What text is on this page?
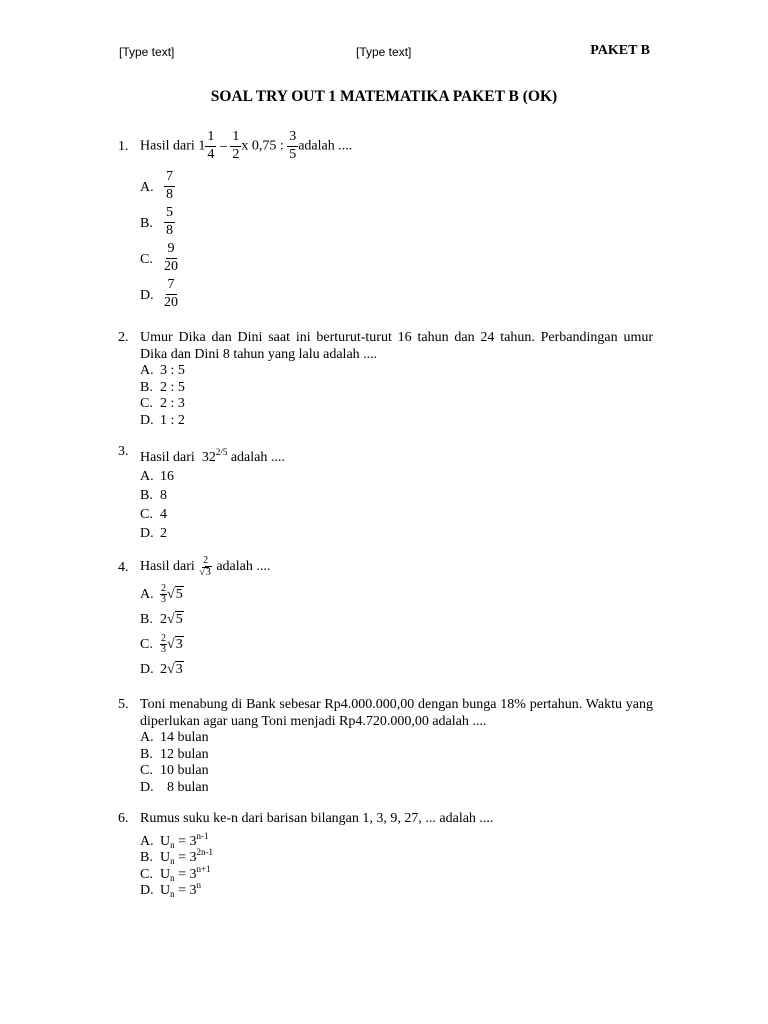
[Type text]	[Type text]	PAKET B
SOAL TRY OUT 1 MATEMATIKA PAKET B (OK)
1. Hasil dari $1 \frac{1}{4} - \frac{1}{2}$ x 0,75 : $\frac{3}{5}$ adalah ....
A. $\frac{7}{8}$
B. $\frac{5}{8}$
C. $\frac{9}{20}$
D. $\frac{7}{20}$
2. Umur Dika dan Dini saat ini berturut-turut 16 tahun dan 24 tahun. Perbandingan umur Dika dan Dini 8 tahun yang lalu adalah ....
A. 3 : 5
B. 2 : 5
C. 2 : 3
D. 1 : 2
3. Hasil dari  $32^{2/5}$ adalah ....
A. 16
B. 8
C. 4
D. 2
4. Hasil dari $\frac{2}{√3}$ adalah ....
A. $\frac{2}{3} √5$
B. 2√5
C. $\frac{2}{3} √3$
D. 2√3
5. Toni menabung di Bank sebesar Rp4.000.000,00 dengan bunga 18% pertahun. Waktu yang diperlukan agar uang Toni menjadi Rp4.720.000,00 adalah ....
A. 14 bulan
B. 12 bulan
C. 10 bulan
D.  8 bulan
6. Rumus suku ke-n dari barisan bilangan 1, 3, 9, 27, ... adalah ....
A. $U_n = 3^{n-1}$
B. $U_n = 3^{2n-1}$
C. $U_n = 3^{n+1}$
D. $U_n = 3^n$
